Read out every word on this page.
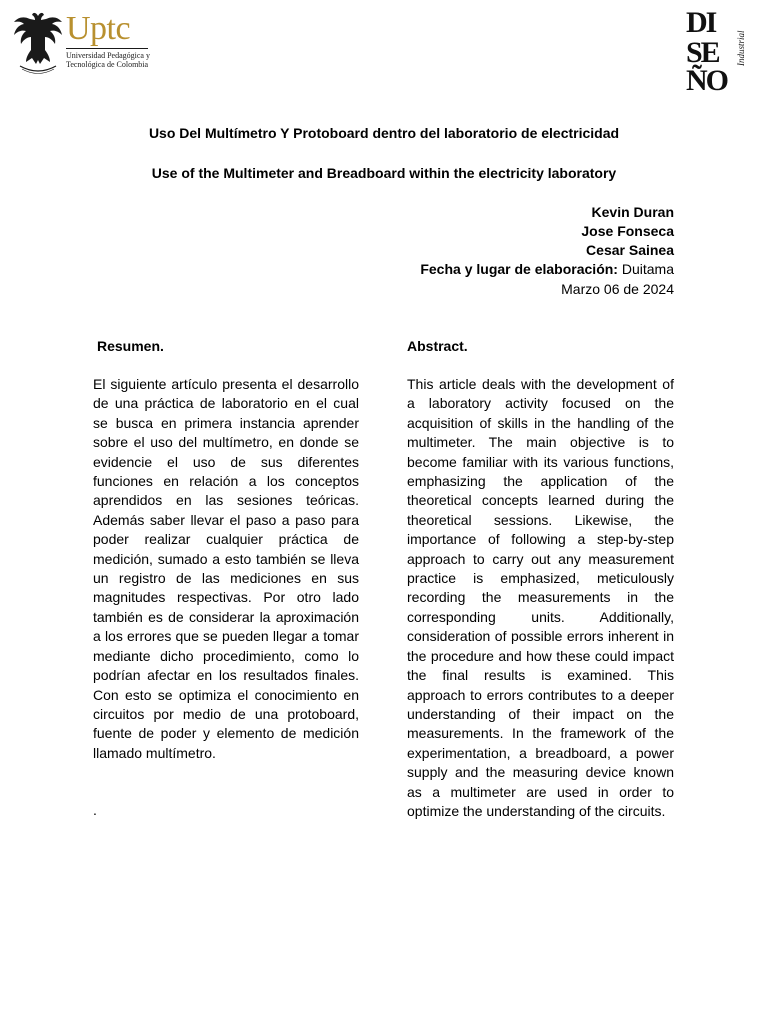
Uptc
Universidad Pedagógica y
Tecnológica de Colombia
DI
SE
ÑO
Industrial
Uso Del Multímetro Y Protoboard dentro del laboratorio de electricidad
Use of the Multimeter and Breadboard within the electricity laboratory
Kevin Duran
Jose Fonseca
Cesar Sainea
Fecha y lugar de elaboración: Duitama
Marzo 06 de 2024
Resumen.

El siguiente artículo presenta el desarrollo de una práctica de laboratorio en el cual se busca en primera instancia aprender sobre el uso del multímetro, en donde se evidencie el uso de sus diferentes funciones en relación a los conceptos aprendidos en las sesiones teóricas. Además saber llevar el paso a paso para poder realizar cualquier práctica de medición, sumado a esto también se lleva un registro de las mediciones en sus magnitudes respectivas. Por otro lado también es de considerar la aproximación a los errores que se pueden llegar a tomar mediante dicho procedimiento, como lo podrían afectar en los resultados finales. Con esto se optimiza el conocimiento en circuitos por medio de una protoboard, fuente de poder y elemento de medición llamado multímetro.

.
Abstract.

This article deals with the development of a laboratory activity focused on the acquisition of skills in the handling of the multimeter. The main objective is to become familiar with its various functions, emphasizing the application of the theoretical concepts learned during the theoretical sessions. Likewise, the importance of following a step-by-step approach to carry out any measurement practice is emphasized, meticulously recording the measurements in the corresponding units. Additionally, consideration of possible errors inherent in the procedure and how these could impact the final results is examined. This approach to errors contributes to a deeper understanding of their impact on the measurements. In the framework of the experimentation, a breadboard, a power supply and the measuring device known as a multimeter are used in order to optimize the understanding of the circuits.
